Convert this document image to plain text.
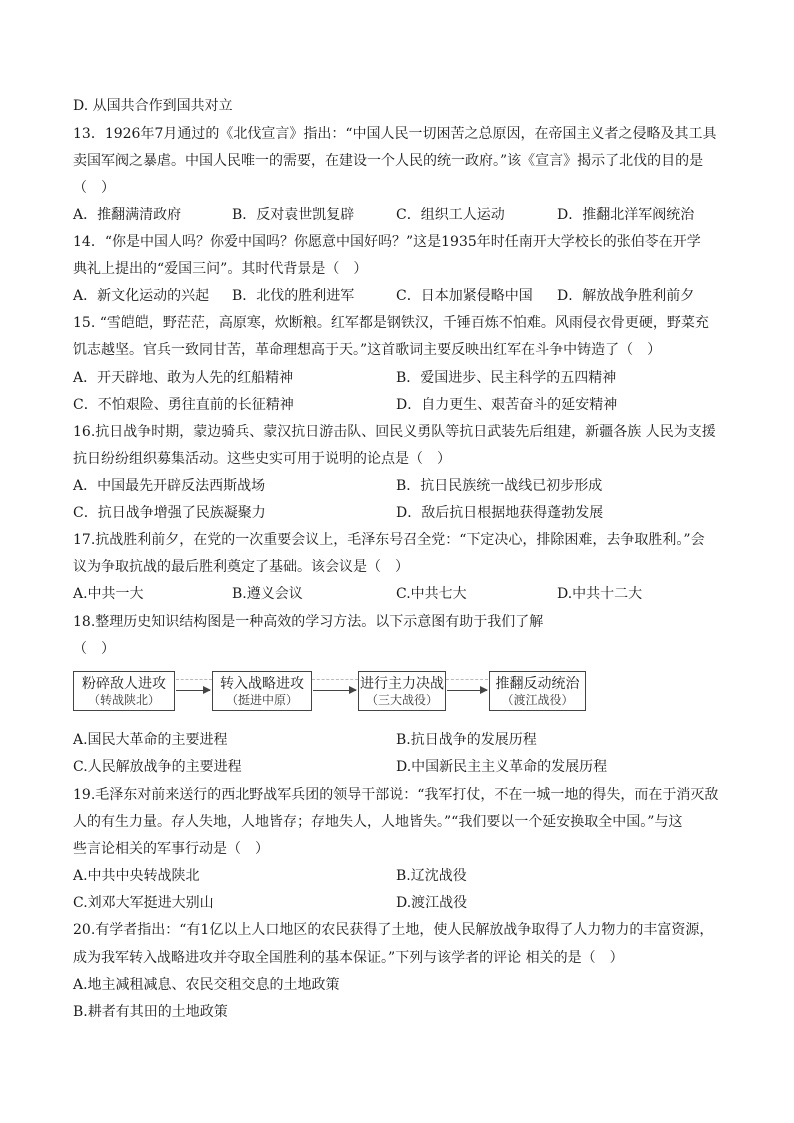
D. 从国共合作到国共对立
13．1926年7月通过的《北伐宣言》指出：“中国人民一切困苦之总原因，在帝国主义者之侵略及其工具
卖国军阀之暴虐。中国人民唯一的需要，在建设一个人民的统一政府。”该《宣言》揭示了北伐的目的是
（　）
A．推翻满清政府	B．反对袁世凯复辟	C．组织工人运动	D．推翻北洋军阀统治
14．“你是中国人吗？你爱中国吗？你愿意中国好吗？”这是1935年时任南开大学校长的张伯苓在开学
典礼上提出的“爱国三问”。其时代背景是（　）
A．新文化运动的兴起 B．北伐的胜利进军	C．日本加紧侵略中国 D．解放战争胜利前夕
15. “雪皑皑，野茫茫，高原寒，炊断粮。红军都是钢铁汉，千锤百炼不怕难。风雨侵衣骨更硬，野菜充
饥志越坚。官兵一致同甘苦，革命理想高于天。”这首歌词主要反映出红军在斗争中铸造了（　）
A．开天辟地、敢为人先的红船精神	B．爱国进步、民主科学的五四精神
C．不怕艰险、勇往直前的长征精神	D．自力更生、艰苦奋斗的延安精神
16.抗日战争时期，蒙边骑兵、蒙汉抗日游击队、回民义勇队等抗日武装先后组建，新疆各族 人民为支援
抗日纷纷组织募集活动。这些史实可用于说明的论点是（　）
A．中国最先开辟反法西斯战场	B．抗日民族统一战线已初步形成
C．抗日战争增强了民族凝聚力	D．敌后抗日根据地获得蓬勃发展
17.抗战胜利前夕，在党的一次重要会议上，毛泽东号召全党：“下定决心，排除困难，去争取胜利。”会
议为争取抗战的最后胜利奠定了基础。该会议是（　）
A.中共一大	B.遵义会议	C.中共七大	D.中共十二大
18.整理历史知识结构图是一种高效的学习方法。以下示意图有助于我们了解
（　）
粉碎敌人进攻
（转战陕北）
转入战略进攻
（挺进中原）
进行主力决战
（三大战役）
推翻反动统治
（渡江战役）
A.国民大革命的主要进程	B.抗日战争的发展历程
C.人民解放战争的主要进程	D.中国新民主主义革命的发展历程
19.毛泽东对前来送行的西北野战军兵团的领导干部说：“我军打仗，不在一城一地的得失，而在于消灭敌
人的有生力量。存人失地，人地皆存；存地失人，人地皆失。”“我们要以一个延安换取全中国。”与这
些言论相关的军事行动是（　）
A.中共中央转战陕北	B.辽沈战役
C.刘邓大军挺进大别山	D.渡江战役
20.有学者指出：“有1亿以上人口地区的农民获得了土地，使人民解放战争取得了人力物力的丰富资源，
成为我军转入战略进攻并夺取全国胜利的基本保证。”下列与该学者的评论 相关的是（　）
A.地主减租减息、农民交租交息的土地政策
B.耕者有其田的土地政策
